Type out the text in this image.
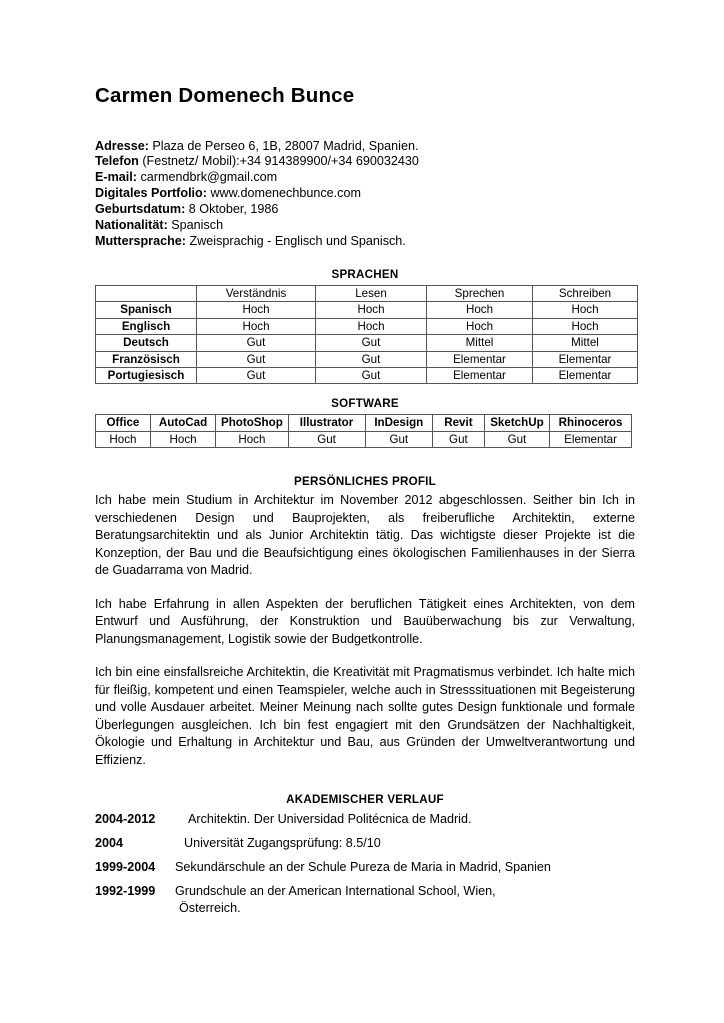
Carmen Domenech Bunce
Adresse: Plaza de Perseo 6, 1B, 28007 Madrid, Spanien.
Telefon (Festnetz/ Mobil):+34 914389900/+34 690032430
E-mail: carmendbrk@gmail.com
Digitales Portfolio: www.domenechbunce.com
Geburtsdatum: 8 Oktober, 1986
Nationalität: Spanisch
Muttersprache: Zweisprachig - Englisch und Spanisch.
SPRACHEN
	Verständnis	Lesen	Sprechen	Schreiben
Spanisch	Hoch	Hoch	Hoch	Hoch
Englisch	Hoch	Hoch	Hoch	Hoch
Deutsch	Gut	Gut	Mittel	Mittel
Französisch	Gut	Gut	Elementar	Elementar
Portugiesisch	Gut	Gut	Elementar	Elementar
SOFTWARE
Office	AutoCad	PhotoShop	Illustrator	InDesign	Revit	SketchUp	Rhinoceros
Hoch	Hoch	Hoch	Gut	Gut	Gut	Gut	Elementar
PERSÖNLICHES PROFIL

Ich habe mein Studium in Architektur im November 2012 abgeschlossen. Seither bin Ich in verschiedenen Design und Bauprojekten, als freiberufliche Architektin, externe Beratungsarchitektin und als Junior Architektin tätig. Das wichtigste dieser Projekte ist die Konzeption, der Bau und die Beaufsichtigung eines ökologischen Familienhauses in der Sierra de Guadarrama von Madrid.

Ich habe Erfahrung in allen Aspekten der beruflichen Tätigkeit eines Architekten, von dem Entwurf und Ausführung, der Konstruktion und Bauüberwachung bis zur Verwaltung, Planungsmanagement, Logistik sowie der Budgetkontrolle.

Ich bin eine einsfallsreiche Architektin, die Kreativität mit Pragmatismus verbindet. Ich halte mich für fleißig, kompetent und einen Teamspieler, welche auch in Stresssituationen mit Begeisterung und volle Ausdauer arbeitet. Meiner Meinung nach sollte gutes Design funktionale und formale Überlegungen ausgleichen. Ich bin fest engagiert mit den Grundsätzen der Nachhaltigkeit, Ökologie und Erhaltung in Architektur und Bau, aus Gründen der Umweltverantwortung und Effizienz.

AKADEMISCHER VERLAUF
2004-2012	Architektin. Der Universidad Politécnica de Madrid.
2004	Universität Zugangsprüfung: 8.5/10
1999-2004	Sekundärschule an der Schule Pureza de Maria in Madrid, Spanien
1992-1999	Grundschule an der American International School, Wien,
Österreich.
